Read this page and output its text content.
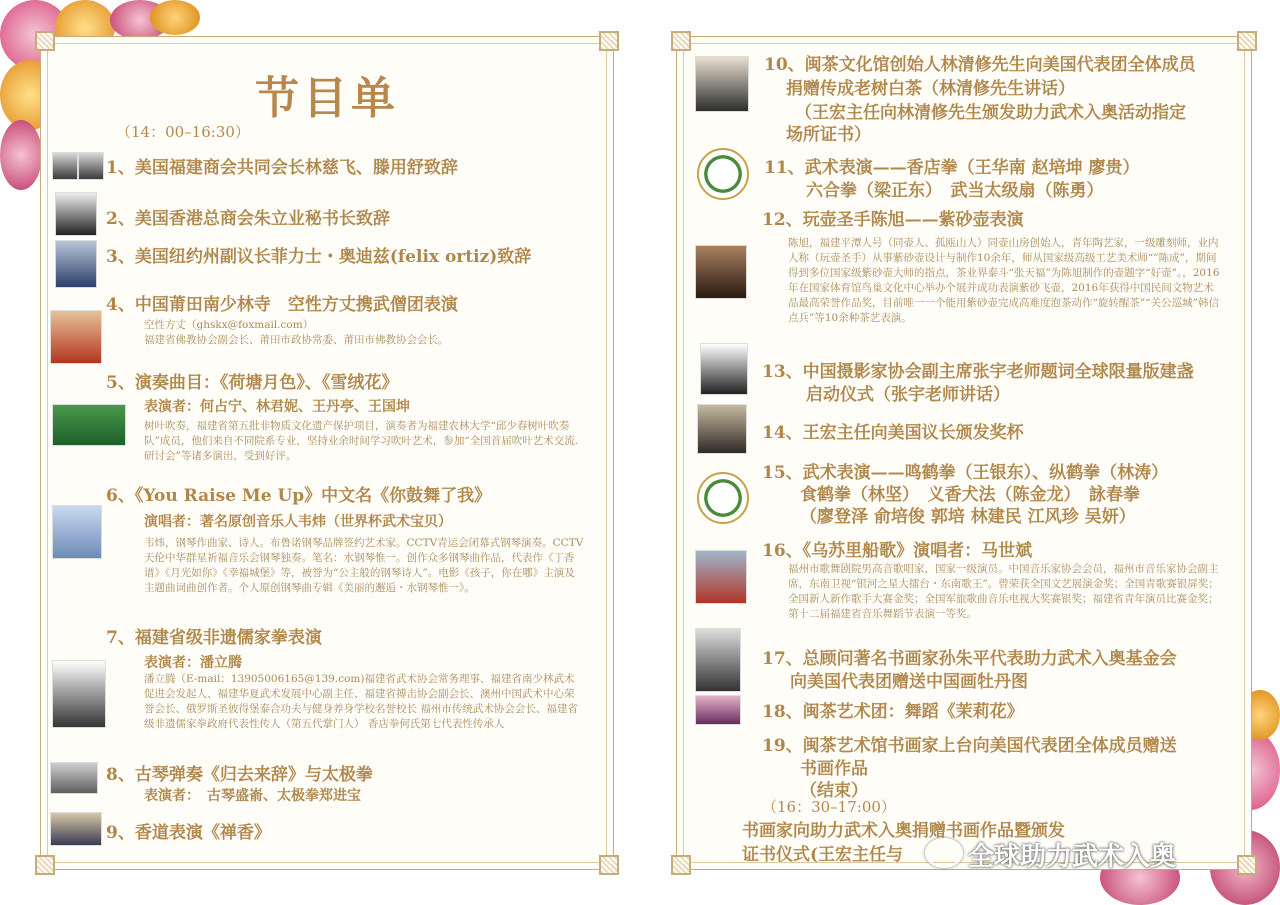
节目单
（14：00–16:30）
1、美国福建商会共同会长林慈飞、滕用舒致辞
2、美国香港总商会朱立业秘书长致辞
3、美国纽约州副议长菲力士・奥迪兹(felix ortiz)致辞
4、中国莆田南少林寺　空性方丈携武僧团表演
空性方丈（ghskx@foxmail.com）
福建省佛教协会副会长、莆田市政协常委、莆田市佛教协会会长。
5、演奏曲目：《荷塘月色》、《雪绒花》
表演者：何占宁、林君妮、王丹亭、王国坤
树叶吹奏，福建省第五批非物质文化遗产保护项目，演奏者为福建农林大学“邱少春树叶吹奏队”成员，他们来自不同院系专业，坚持业余时间学习吹叶艺术，参加“全国首届吹叶艺术交流.研讨会”等诸多演出，受到好评。
6、《You Raise Me Up》中文名《你鼓舞了我》
演唱者：著名原创音乐人韦炜（世界杯武术宝贝）
韦炜，钢琴作曲家、诗人。布鲁诺钢琴品牌签约艺术家。CCTV青运会闭幕式钢琴演奏。CCTV天伦中华群星祈福音乐会钢琴独奏。笔名：水钢琴惟一。创作众多钢琴曲作品，代表作《丁香谱》《月光如你》《幸福城堡》等，被誉为“公主般的钢琴诗人”。电影《孩子，你在哪》主演及主题曲词曲创作者。个人原创钢琴曲专辑《美丽的邂逅・水钢琴惟一》。
7、福建省级非遗儒家拳表演
表演者：潘立腾
潘立腾（E-mail：13905006165@139.com)福建省武术协会常务理事、福建省南少林武术促进会发起人、福建华夏武术发展中心副主任、福建省搏击协会副会长、澳州中国武术中心荣誉会长、俄罗斯圣彼得堡泰合功夫与健身养身学校名誉校长 福州市传统武术协会会长、福建省级非遗儒家拳政府代表性传人（第五代掌门人） 香店拳何氏第七代表性传承人
8、古琴弹奏《归去来辞》与太极拳
表演者：　古琴盛嵛、太极拳郑进宝
9、香道表演《禅香》
10、闽茶文化馆创始人林清修先生向美国代表团全体成员
捐赠传成老树白茶（林清修先生讲话）
（王宏主任向林清修先生颁发助力武术入奥活动指定
场所证书）
11、武术表演——香店拳（王华南 赵培坤 廖贵）
六合拳（梁正东）　武当太级扇（陈勇）
12、玩壶圣手陈旭——紫砂壶表演
陈旭，福建平潭人号（同壶人、孤瓯山人）同壶山房创始人，青年陶艺家，一级雕刻师，业内人称（玩壶圣手）从事紫砂壶设计与制作10余年，师从国家级高级工艺美术师“”陈成”，期间得到多位国家级紫砂壶大师的指点，茶业界泰斗“张天福”为陈旭制作的壶题字“好壶”。，2016年在国家体育馆鸟巢文化中心举办个展并成功表演紫砂飞壶，2016年获得中国民间文物艺术品最高荣誉作品奖，目前唯一一个能用紫砂壶完成高难度泡茶动作“旋转醒茶”“关公巡城”韩信点兵”等10余种茶艺表演。
13、中国摄影家协会副主席张宇老师题词全球限量版建盏
启动仪式（张宇老师讲话）
14、王宏主任向美国议长颁发奖杯
15、武术表演——鸣鹤拳（王银东）、纵鹤拳（林涛）
食鹤拳（林坚）　义香犬法（陈金龙）　詠春拳
（廖登泽 俞培俊 郭培 林建民 江风珍 吴妍）
16、《乌苏里船歌》演唱者：马世斌
福州市歌舞剧院男高音歌唱家，国家一级演员。中国音乐家协会会员，福州市音乐家协会副主席，东南卫视“银河之星大擂台・东南歌王”。曾荣获全国文艺展演金奖；全国青歌赛银屏奖；全国新人新作歌手大赛金奖；全国军旅歌曲音乐电视大奖赛银奖；福建省青年演员比赛金奖；第十二届福建省音乐舞蹈节表演一等奖。
17、总顾问著名书画家孙朱平代表助力武术入奥基金会
向美国代表团赠送中国画牡丹图
18、闽茶艺术团：舞蹈《茉莉花》
19、闽茶艺术馆书画家上台向美国代表团全体成员赠送
书画作品
（结束）
（16：30–17:00）
书画家向助力武术入奥捐赠书画作品暨颁发
证书仪式(王宏主任与 全球助力武术入奥
